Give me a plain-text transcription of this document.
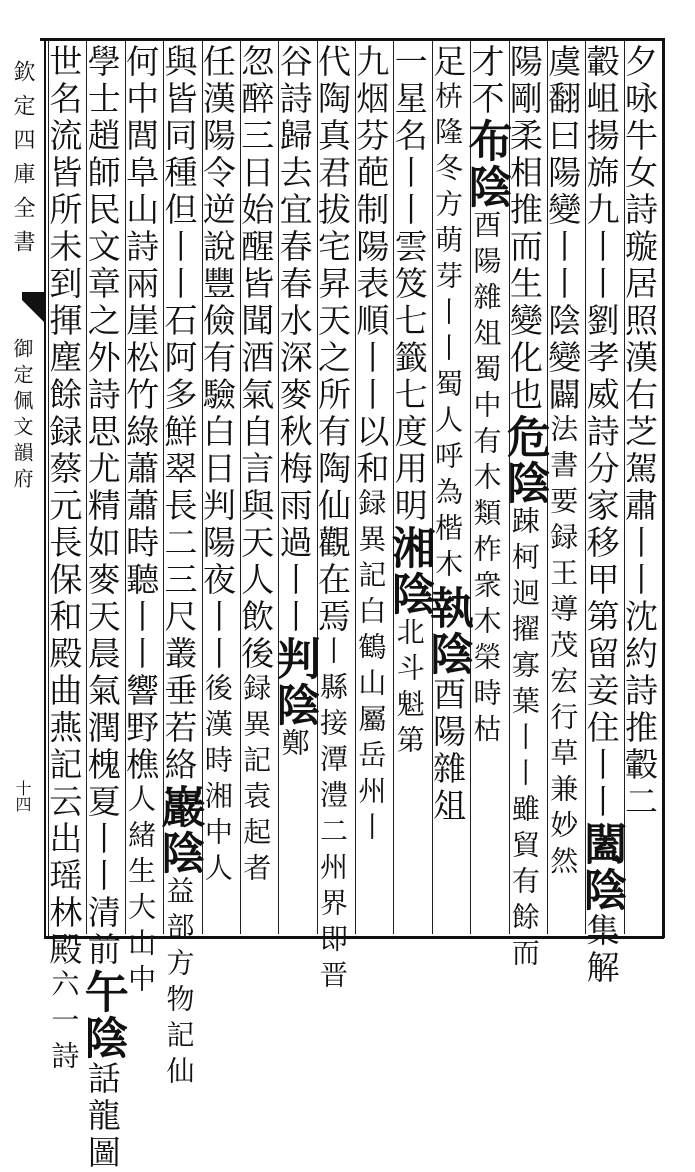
欽定四庫全書
御定佩文韻府
十四	夕咏牛女詩璇居照漢右芝駕肅丨丨沈約詩推轂二
轂岨揚旆九丨丨劉孝威詩分家移甲第留妾住丨丨闔陰集解
虞翻曰陽變丨丨陰變闢法書要録王導茂宏行草兼妙然
陽剛柔相推而生變化也危陰踈柯迥擢寡葉丨丨雖貿有餘而
才不布陰酉陽雜俎蜀中有木類柞衆木榮時枯
足枿隆冬方萌芽丨丨蜀人呼為楷木執陰酉陽雜俎
一星名丨丨雲笈七籤七度用明湘陰北斗魁第
九烟芬葩制陽表順丨丨以和録異記白鶴山屬岳州丨
代陶真君拔宅昇天之所有陶仙觀在焉丨縣接潭澧二州界即晋
谷詩歸去宜春春水深麥秋梅雨過丨丨判陰鄭
忽醉三日始醒皆聞酒氣自言與天人飲後録異記袁起者
任漢陽令逆說豐儉有驗白日判陽夜丨丨後漢時湘中人
與皆同種但丨丨石阿多鮮翠長二三尺叢垂若絡巖陰益部方物記仙
何中閭阜山詩兩崖松竹綠蕭蕭時聽丨丨響野樵人緒生大山中
學士趙師民文章之外詩思尤精如麥天晨氣潤槐夏丨丨清前午陰話龍圖
世名流皆所未到揮塵餘録蔡元長保和殿曲燕記云出瑶林殿六一詩
